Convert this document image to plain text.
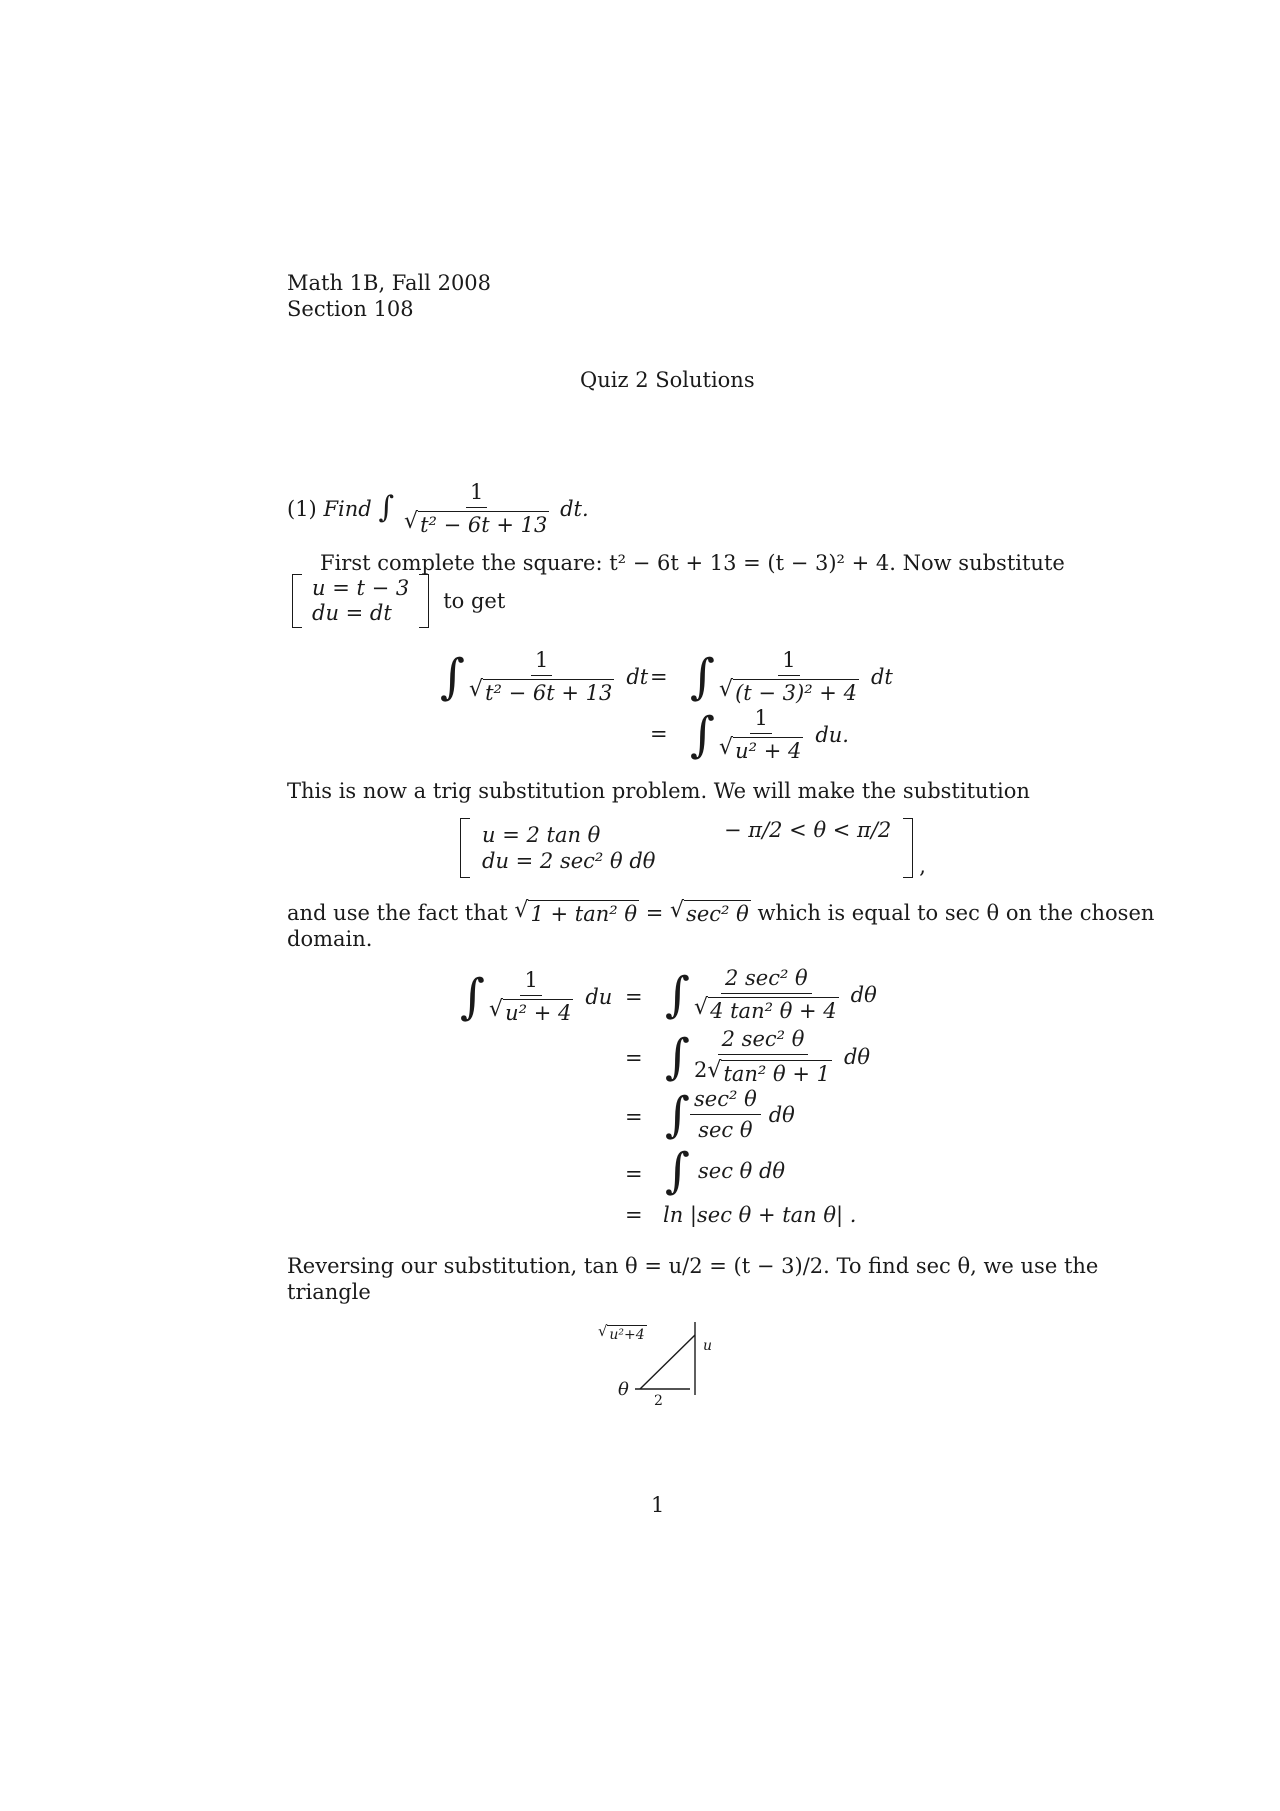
Math 1B, Fall 2008
Section 108
Quiz 2 Solutions
(1)
Find
∫ $\frac{1}{\text{√ t² − 6t + 13}}$
dt.
First complete the square: t² − 6t + 13 = (t − 3)² + 4. Now substitute
u = t − 3
du = dt
to get
∫ $\frac{1}{\text{√ t² − 6t + 13}}$ dt = ∫ $\frac{1}{\text{√ (t − 3)² + 4}}$ dt
= ∫ $\frac{1}{\text{√ u² + 4}}$ du.
This is now a trig substitution problem. We will make the substitution
u = 2 tan θ
du = 2 sec² θ dθ
− π/2 < θ < π/2
,
and use the fact that
√ 1 + tan² θ
=
√ sec² θ
which is equal to sec θ on the chosen
domain.
∫ $\frac{1}{\text{√ u² + 4}}$ du = ∫ $\frac{\text{2 sec² θ}}{\text{√ 4 tan² θ + 4}}$ dθ
= ∫ $\frac{\text{2 sec² θ}}{\text{2 √ tan² θ + 1}}$ dθ
= ∫ $\frac{\text{sec² θ}}{\text{sec θ}}$ dθ
= ∫ sec θ dθ
= ln |sec θ + tan θ| .
Reversing our substitution, tan θ = u/2 = (t − 3)/2. To find sec θ, we use the
triangle
√ u²+4
u
2
θ
1
